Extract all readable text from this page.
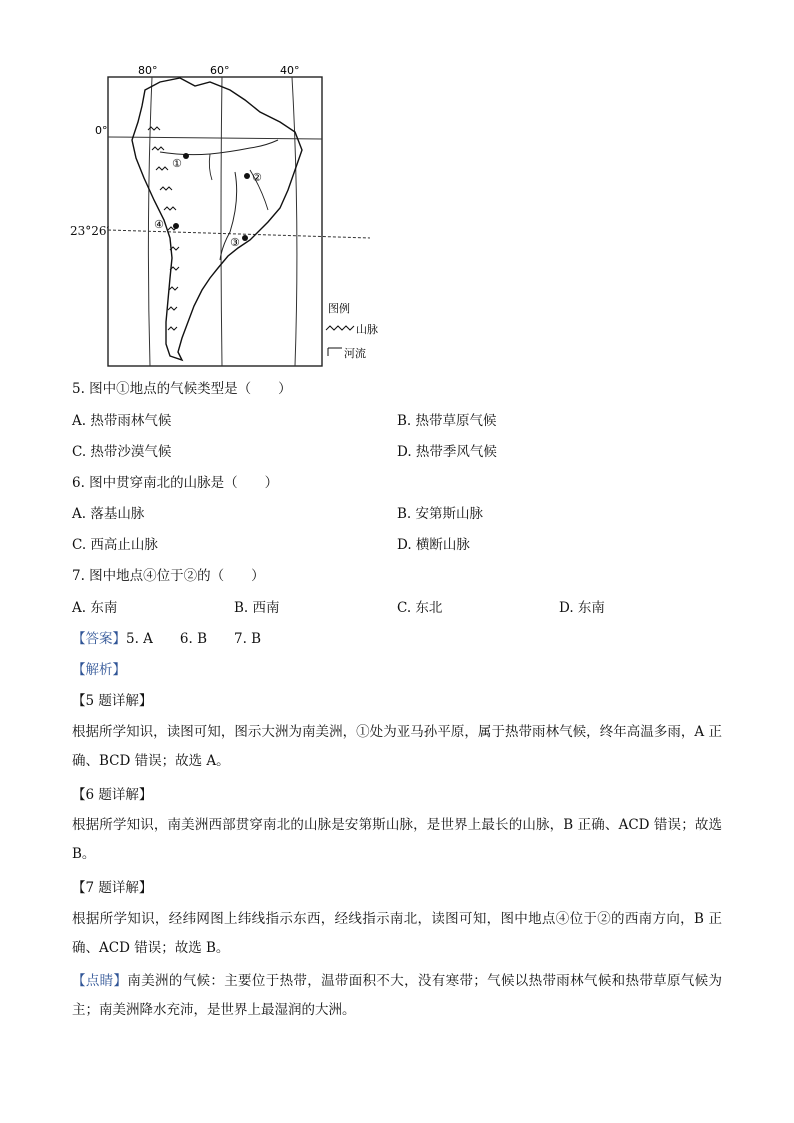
80°	60°	40°
0°
①
②
③
④
图例
山脉
河流
23°26′
5. 图中①地点的气候类型是（　　）
A. 热带雨林气候	B. 热带草原气候
C. 热带沙漠气候	D. 热带季风气候
6. 图中贯穿南北的山脉是（　　）
A. 落基山脉	B. 安第斯山脉
C. 西高止山脉	D. 横断山脉
7. 图中地点④位于②的（　　）
A. 东南	B. 西南	C. 东北	D. 东南
【答案】5. A　　6. B　　7. B
【解析】
【5 题详解】
根据所学知识，读图可知，图示大洲为南美洲，①处为亚马孙平原，属于热带雨林气候，终年高温多雨，A 正确、BCD 错误；故选 A。
【6 题详解】
根据所学知识，南美洲西部贯穿南北的山脉是安第斯山脉，是世界上最长的山脉，B 正确、ACD 错误；故选 B。
【7 题详解】
根据所学知识，经纬网图上纬线指示东西，经线指示南北，读图可知，图中地点④位于②的西南方向，B 正确、ACD 错误；故选 B。
【点睛】南美洲的气候：主要位于热带，温带面积不大，没有寒带；气候以热带雨林气候和热带草原气候为主；南美洲降水充沛，是世界上最湿润的大洲。
